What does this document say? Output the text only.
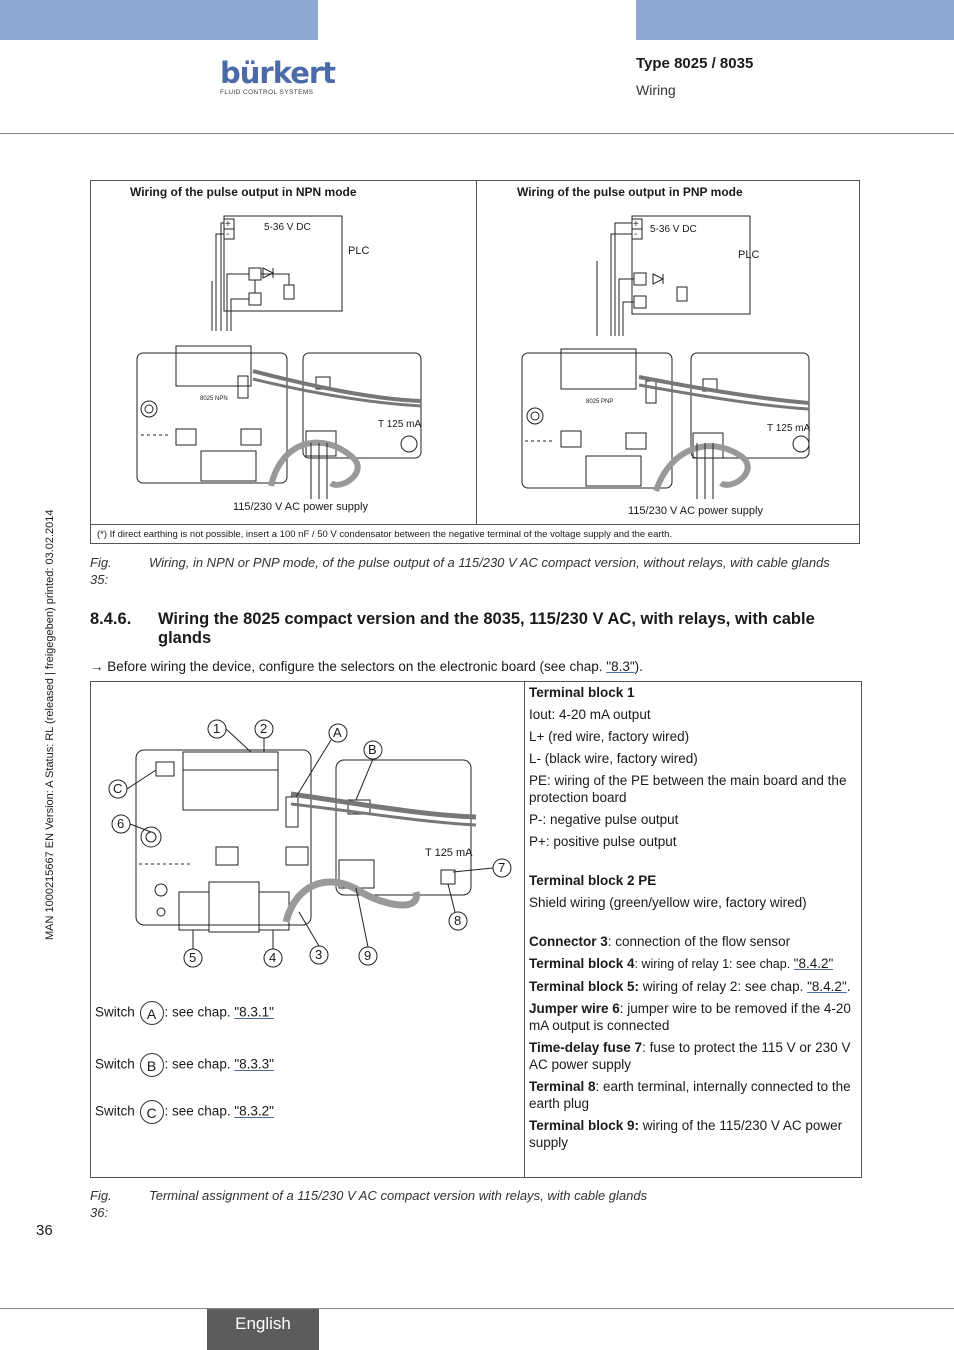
bürkert
FLUID CONTROL SYSTEMS
Type 8025 / 8035
Wiring
MAN 1000215667 EN Version: A Status: RL (released | freigegeben) printed: 03.02.2014
Wiring of the pulse output in NPN mode	Wiring of the pulse output in PNP mode
+
-
+
-
5-36 V DC
PLC
T 125 mA
115/230 V AC power supply
8025 NPN
5-36 V DC
PLC
T 125 mA
115/230 V AC power supply
8025 PNP
(*) If direct earthing is not possible, insert a 100 nF / 50 V condensator between the negative terminal of the voltage supply and the earth.
Fig. 35:
Wiring, in NPN or PNP mode, of the pulse output of a 115/230 V AC compact version, without relays, with cable glands
8.4.6. Wiring the 8025 compact version and the 8035, 115/230 V AC, with relays, with cable glands
→ Before wiring the device, configure the selectors on the electronic board (see chap. "8.3").
1	2	A
B
C
6
7
8
3	9
5	4
T 125 mA
Switch A : see chap. "8.3.1"
Switch B : see chap. "8.3.3"
Switch C : see chap. "8.3.2"

Terminal block 1

Iout: 4-20 mA output

L+ (red wire, factory wired)

L- (black wire, factory wired)

PE: wiring of the PE between the main board and the protection board

P-: negative pulse output

P+: positive pulse output

Terminal block 2 PE

Shield wiring (green/yellow wire, factory wired)

Connector 3: connection of the flow sensor

Terminal block 4: wiring of relay 1: see chap. "8.4.2"

Terminal block 5: wiring of relay 2: see chap. "8.4.2".

Jumper wire 6: jumper wire to be removed if the 4-20 mA output is connected

Time-delay fuse 7: fuse to protect the 115 V or 230 V AC power supply

Terminal 8: earth terminal, internally connected to the earth plug

Terminal block 9: wiring of the 115/230 V AC power supply

Fig. 36:
Terminal assignment of a 115/230 V AC compact version with relays, with cable glands
36
English
